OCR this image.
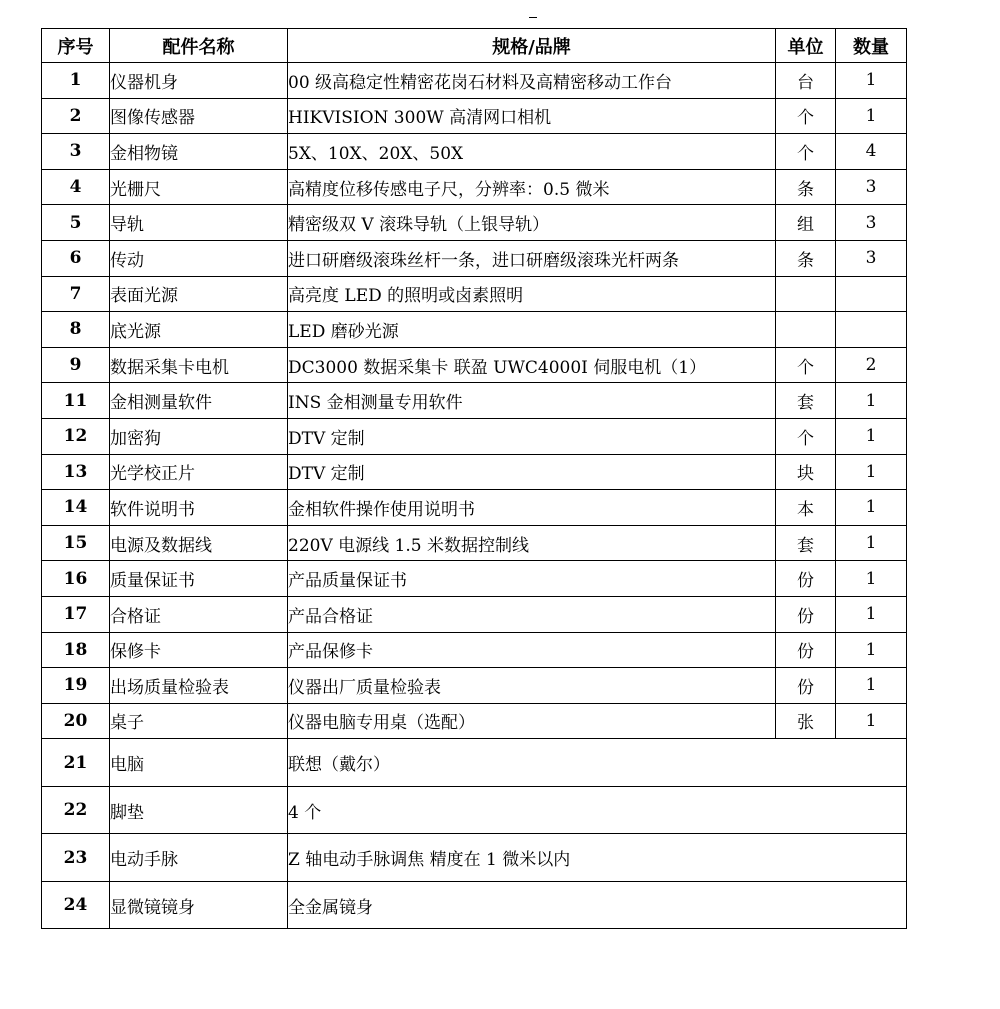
序号	配件名称	规格/品牌	单位	数量
1	仪器机身	00 级高稳定性精密花岗石材料及高精密移动工作台	台	1
2	图像传感器	HIKVISION 300W 高清网口相机	个	1
3	金相物镜	5X、10X、20X、50X	个	4
4	光栅尺	高精度位移传感电子尺，分辨率：0.5 微米	条	3
5	导轨	精密级双 V 滚珠导轨（上银导轨）	组	3
6	传动	进口研磨级滚珠丝杆一条，进口研磨级滚珠光杆两条	条	3
7	表面光源	高亮度 LED 的照明或卤素照明		
8	底光源	LED 磨砂光源		
9	数据采集卡电机	DC3000 数据采集卡 联盈 UWC4000I 伺服电机（1）	个	2
11	金相测量软件	INS 金相测量专用软件	套	1
12	加密狗	DTV 定制	个	1
13	光学校正片	DTV 定制	块	1
14	软件说明书	金相软件操作使用说明书	本	1
15	电源及数据线	220V 电源线 1.5 米数据控制线	套	1
16	质量保证书	产品质量保证书	份	1
17	合格证	产品合格证	份	1
18	保修卡	产品保修卡	份	1
19	出场质量检验表	仪器出厂质量检验表	份	1
20	桌子	仪器电脑专用桌（选配）	张	1
21	电脑	联想（戴尔）		
22	脚垫	4 个		
23	电动手脉	Z 轴电动手脉调焦 精度在 1 微米以内		
24	显微镜镜身	全金属镜身		
